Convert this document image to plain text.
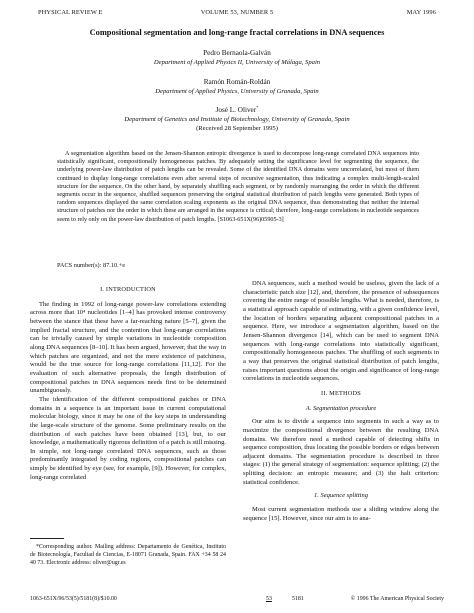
PHYSICAL REVIEW E	VOLUME 53, NUMBER 5	MAY 1996
Compositional segmentation and long-range fractal correlations in DNA sequences
Pedro Bernaola-Galván
Department of Applied Physics II, University of Málaga, Spain
Ramón Román-Roldán
Department of Applied Physics, University of Granada, Spain
José L. Oliver*
Department of Genetics and Institute of Biotechnology, University of Granada, Spain
(Received 28 September 1995)
A segmentation algorithm based on the Jensen-Shannon entropic divergence is used to decompose long-range correlated DNA sequences into statistically significant, compositionally homogeneous patches. By adequately setting the significance level for segmenting the sequence, the underlying power-law distribution of patch lengths can be revealed. Some of the identified DNA domains were uncorrelated, but most of them continued to display long-range correlations even after several steps of recursive segmentation, thus indicating a complex multi-length-scaled structure for the sequence. On the other hand, by separately shuffling each segment, or by randomly rearranging the order in which the different segments occur in the sequence, shuffled sequences preserving the original statistical distribution of patch lengths were generated. Both types of random sequences displayed the same correlation scaling exponents as the original DNA sequence, thus demonstrating that neither the internal structure of patches nor the order in which these are arranged in the sequence is critical; therefore, long-range correlations in nucleotide sequences seem to rely only on the power-law distribution of patch lengths. [S1063-651X(96)05905-3]
PACS number(s): 87.10.+e
I. INTRODUCTION

The finding in 1992 of long-range power-law correlations extending across more that 10⁴ nucleotides [1–4] has provoked intense controversy between the stance that these have a far-reaching nature [5–7], given the implied fractal structure, and the contention that long-range correlations can be trivially caused by simple variations in nucleotide composition along DNA sequences [8–10]. It has been argued, however, that the way in which patches are organized, and not the mere existence of patchiness, would be the true source for long-range correlations [11,12]. For the evaluation of such alternative proposals, the length distribution of compositional patches in DNA sequences needs first to be determined unambiguously.

The identification of the different compositional patches or DNA domains in a sequence is an important issue in current computational molecular biology, since it may be one of the key steps in understanding the large-scale structure of the genome. Some preliminary results on the distribution of such patches have been obtained [13], but, to our knowledge, a mathematically rigorous definition of a patch is still missing. In simple, not long-range correlated DNA sequences, such as those predominantly integrated by coding regions, compositional patches can simply be identified by eye (see, for example, [9]). However, for complex, long-range correlated

*Corresponding author. Mailing address: Departamento de Genética, Instituto de Biotecnología, Facultad de Ciencias, E-18071 Granada, Spain. FAX +34 58 24 40 73. Electronic address: oliver@ugr.es

DNA sequences, such a method would be useless, given the lack of a characteristic patch size [12], and, therefore, the presence of subsequences covering the entire range of possible lengths. What is needed, therefore, is a statistical approach capable of estimating, with a given confidence level, the location of borders separating adjacent compositional patches in a sequence. Here, we introduce a segmentation algorithm, based on the Jensen-Shannon divergence [14], which can be used to segment DNA sequences with long-range correlations into statistically significant, compositionally homogeneous patches. The shuffling of such segments in a way that preserves the original statistical distribution of patch lengths, raises important questions about the origin and significance of long-range correlations in nucleotide sequences.

II. METHODS
A. Segmentation procedure

Our aim is to divide a sequence into segments in such a way as to maximize the compositional divergence between the resulting DNA domains. We therefore need a method capable of detecting shifts in sequence composition, thus locating the possible borders or edges between adjacent domains. The segmentation procedure is described in three stages: (1) the general strategy of segmentation: sequence splitting; (2) the splitting decision: an entropic measure; and (3) the halt criterion: statistical confidence.

1. Sequence splitting

Most current segmentation methods use a sliding window along the sequence [15]. However, since our aim is to ana-

1063-651X/96/53(5)/5181(8)/$10.00	53	5181	© 1996 The American Physical Society
